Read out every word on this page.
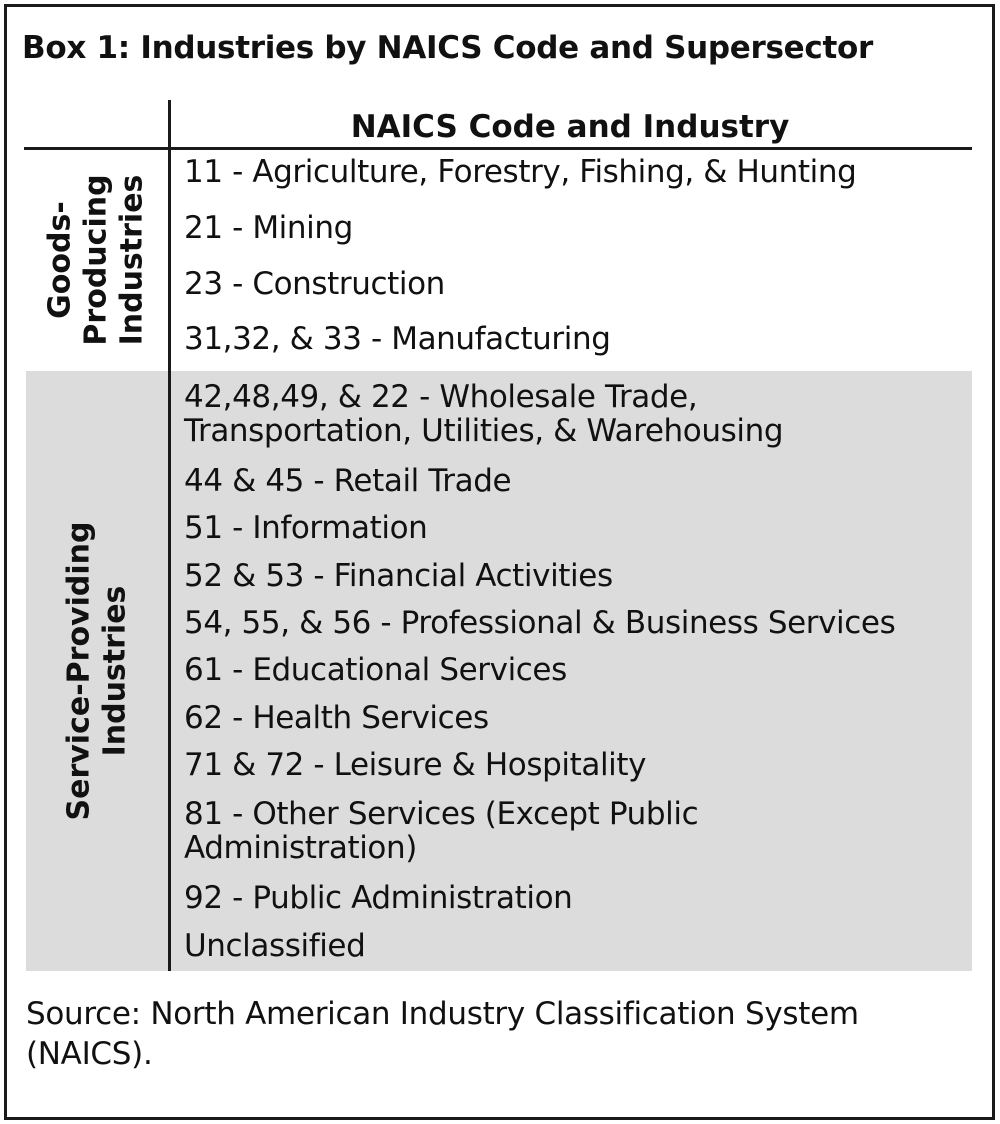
Box 1: Industries by NAICS Code and Supersector
NAICS Code and Industry
Goods- Producing Industries
11 - Agriculture, Forestry, Fishing, & Hunting
21 - Mining
23 - Construction
31,32, & 33 - Manufacturing
Service-Providing Industries
42,48,49, & 22 - Wholesale Trade,
Transportation, Utilities, & Warehousing
44 & 45 - Retail Trade
51 - Information
52 & 53 - Financial Activities
54, 55, & 56 - Professional & Business Services
61 - Educational Services
62 - Health Services
71 & 72 - Leisure & Hospitality
81 - Other Services (Except Public
Administration)
92 - Public Administration
Unclassified
Source: North American Industry Classification System
(NAICS).
